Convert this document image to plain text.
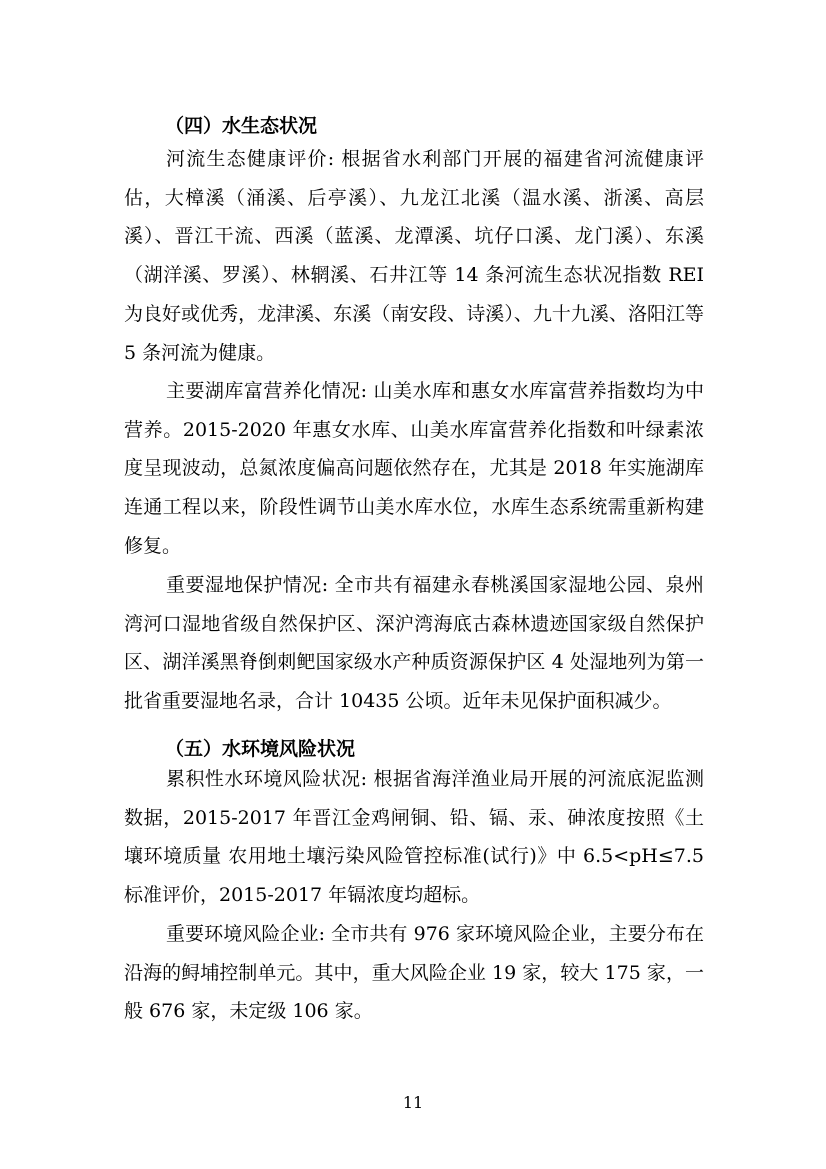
（四）水生态状况

河流生态健康评价: 根据省水利部门开展的福建省河流健康评估，大樟溪（涌溪、后亭溪）、九龙江北溪（温水溪、浙溪、高层溪）、晋江干流、西溪（蓝溪、龙潭溪、坑仔口溪、龙门溪）、东溪（湖洋溪、罗溪）、林辋溪、石井江等 14 条河流生态状况指数 REI 为良好或优秀，龙津溪、东溪（南安段、诗溪）、九十九溪、洛阳江等 5 条河流为健康。

主要湖库富营养化情况: 山美水库和惠女水库富营养指数均为中营养。2015-2020 年惠女水库、山美水库富营养化指数和叶绿素浓度呈现波动，总氮浓度偏高问题依然存在，尤其是 2018 年实施湖库连通工程以来，阶段性调节山美水库水位，水库生态系统需重新构建修复。

重要湿地保护情况: 全市共有福建永春桃溪国家湿地公园、泉州湾河口湿地省级自然保护区、深沪湾海底古森林遗迹国家级自然保护区、湖洋溪黑脊倒刺鲃国家级水产种质资源保护区 4 处湿地列为第一批省重要湿地名录，合计 10435 公顷。近年未见保护面积减少。

（五）水环境风险状况

累积性水环境风险状况: 根据省海洋渔业局开展的河流底泥监测数据，2015-2017 年晋江金鸡闸铜、铅、镉、汞、砷浓度按照《土壤环境质量 农用地土壤污染风险管控标准(试行)》中 6.5<pH≤7.5 标准评价，2015-2017 年镉浓度均超标。

重要环境风险企业: 全市共有 976 家环境风险企业，主要分布在沿海的鲟埔控制单元。其中，重大风险企业 19 家，较大 175 家，一般 676 家，未定级 106 家。

11
